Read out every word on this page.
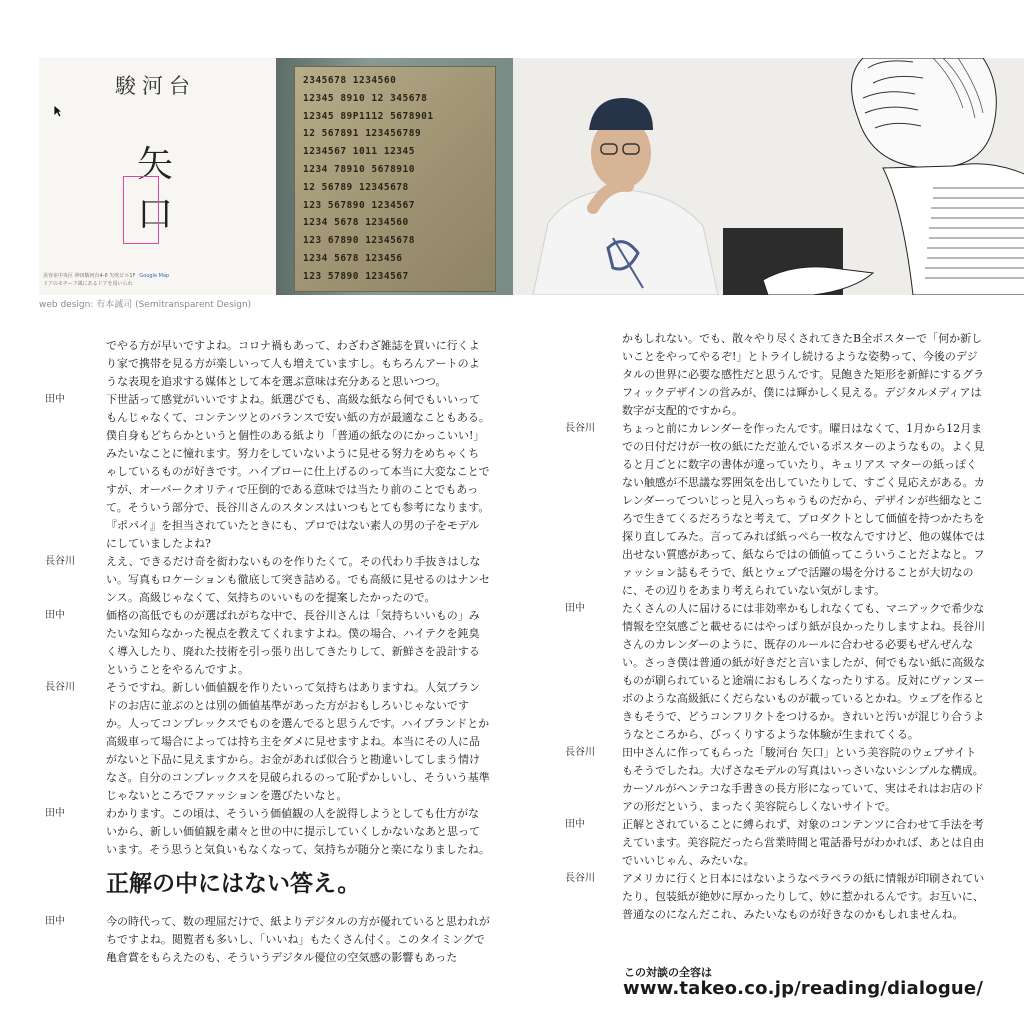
駿河台
矢
口
美容室中央区 神田駿河台4-6 矢吹ビル1F Google Map
ドアのモチーフ風にあるドアを用いられ
2345678 1234560
12345 8910 12 345678
12345 89P1112 5678901
12 567891 123456789
1234567 1011 12345
1234 78910 5678910
12 56789 12345678
123 567890 1234567
1234 5678 1234560
123 67890 12345678
1234 5678 123456
123 57890 1234567
web design: 有本誠司 (Semitransparent Design)
でやる方が早いですよね。コロナ禍もあって、わざわざ雑誌を買いに行くより家で携帯を見る方が楽しいって人も増えていますし。もちろんアートのような表現を追求する媒体として本を選ぶ意味は充分あると思いつつ。
田中	下世話って感覚がいいですよね。紙選びでも、高級な紙なら何でもいいってもんじゃなくて、コンテンツとのバランスで安い紙の方が最適なこともある。僕自身もどちらかというと個性のある紙より「普通の紙なのにかっこいい!」みたいなことに憧れます。努力をしていないように見せる努力をめちゃくちゃしているものが好きです。ハイブローに仕上げるのって本当に大変なことですが、オーバークオリティで圧倒的である意味では当たり前のことでもあって。そういう部分で、長谷川さんのスタンスはいつもとても参考になります。『ポパイ』を担当されていたときにも、プロではない素人の男の子をモデルにしていましたよね?
長谷川	ええ、できるだけ奇を衒わないものを作りたくて。その代わり手抜きはしない。写真もロケーションも徹底して突き詰める。でも高級に見せるのはナンセンス。高級じゃなくて、気持ちのいいものを提案したかったので。
田中	価格の高低でものが選ばれがちな中で、長谷川さんは「気持ちいいもの」みたいな知らなかった視点を教えてくれますよね。僕の場合、ハイテクを鈍臭く導入したり、廃れた技術を引っ張り出してきたりして、新鮮さを設計するということをやるんですよ。
長谷川	そうですね。新しい価値観を作りたいって気持ちはありますね。人気ブランドのお店に並ぶのとは別の価値基準があった方がおもしろいじゃないですか。人ってコンプレックスでものを選んでると思うんです。ハイブランドとか高級車って場合によっては持ち主をダメに見せますよね。本当にその人に品がないと下品に見えますから。お金があれば似合うと勘違いしてしまう情けなさ。自分のコンプレックスを見破られるのって恥ずかしいし、そういう基準じゃないところでファッションを選びたいなと。
田中	わかります。この頃は、そういう価値観の人を説得しようとしても仕方がないから、新しい価値観を粛々と世の中に提示していくしかないなあと思っています。そう思うと気負いもなくなって、気持ちが随分と楽になりましたね。
正解の中にはない答え。
田中	今の時代って、数の理屈だけで、紙よりデジタルの方が優れていると思われがちですよね。閲覧者も多いし、「いいね」もたくさん付く。このタイミングで亀倉賞をもらえたのも、そういうデジタル優位の空気感の影響もあった
かもしれない。でも、散々やり尽くされてきたB全ポスターで「何か新しいことをやってやるぞ!」とトライし続けるような姿勢って、今後のデジタルの世界に必要な感性だと思うんです。見飽きた矩形を新鮮にするグラフィックデザインの営みが、僕には輝かしく見える。デジタルメディアは数字が支配的ですから。
長谷川 ちょっと前にカレンダーを作ったんです。曜日はなくて、1月から12月までの日付だけが一枚の紙にただ並んでいるポスターのようなもの。よく見ると月ごとに数字の書体が違っていたり、キュリアス マターの紙っぽくない触感が不思議な雰囲気を出していたりして、すごく見応えがある。カレンダーってついじっと見入っちゃうものだから、デザインが些細なところで生きてくるだろうなと考えて、プロダクトとして価値を持つかたちを探り直してみた。言ってみれば紙っぺら一枚なんですけど、他の媒体では出せない質感があって、紙ならではの価値ってこういうことだよなと。ファッション誌もそうで、紙とウェブで活躍の場を分けることが大切なのに、その辺りをあまり考えられていない気がします。
田中	たくさんの人に届けるには非効率かもしれなくても、マニアックで希少な情報を空気感ごと載せるにはやっぱり紙が良かったりしますよね。長谷川さんのカレンダーのように、既存のルールに合わせる必要もぜんぜんない。さっき僕は普通の紙が好きだと言いましたが、何でもない紙に高級なものが刷られていると途端におもしろくなったりする。反対にヴァンヌーボのような高級紙にくだらないものが載っているとかね。ウェブを作るときもそうで、どうコンフリクトをつけるか。きれいと汚いが混じり合うようなところから、びっくりするような体験が生まれてくる。
長谷川 田中さんに作ってもらった「駿河台 矢口」という美容院のウェブサイトもそうでしたね。大げさなモデルの写真はいっさいないシンプルな構成。カーソルがヘンテコな手書きの長方形になっていて、実はそれはお店のドアの形だという、まったく美容院らしくないサイトで。
田中	正解とされていることに縛られず、対象のコンテンツに合わせて手法を考えています。美容院だったら営業時間と電話番号がわかれば、あとは自由でいいじゃん、みたいな。
長谷川 アメリカに行くと日本にはないようなペラペラの紙に情報が印刷されていたり、包装紙が絶妙に厚かったりして、妙に惹かれるんです。お互いに、普通なのになんだこれ、みたいなものが好きなのかもしれませんね。
この対談の全容は
www.takeo.co.jp/reading/dialogue/
